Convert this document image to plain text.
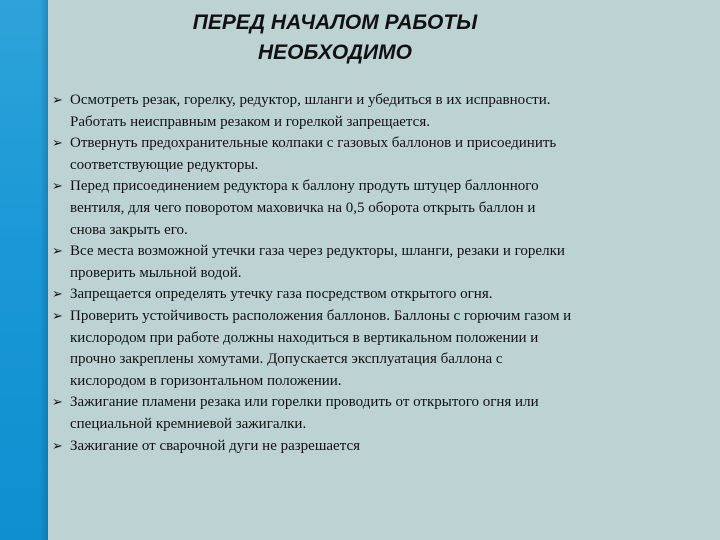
ПЕРЕД НАЧАЛОМ РАБОТЫ
НЕОБХОДИМО
➢ Осмотреть резак, горелку, редуктор, шланги и убедиться в их исправности.
Работать неисправным резаком и горелкой запрещается.
➢ Отвернуть предохранительные колпаки с газовых баллонов и присоединить
соответствующие редукторы.
➢ Перед присоединением редуктора к баллону продуть штуцер баллонного
вентиля, для чего поворотом маховичка на 0,5 оборота открыть баллон и
снова закрыть его.
➢ Все места возможной утечки газа через редукторы, шланги, резаки и горелки
проверить мыльной водой.
➢ Запрещается определять утечку газа посредством открытого огня.
➢ Проверить устойчивость расположения баллонов. Баллоны с горючим газом и
кислородом при работе должны находиться в вертикальном положении и
прочно закреплены хомутами. Допускается эксплуатация баллона с
кислородом в горизонтальном положении.
➢ Зажигание пламени резака или горелки проводить от открытого огня или
специальной кремниевой зажигалки.
➢ Зажигание от сварочной дуги не разрешается
